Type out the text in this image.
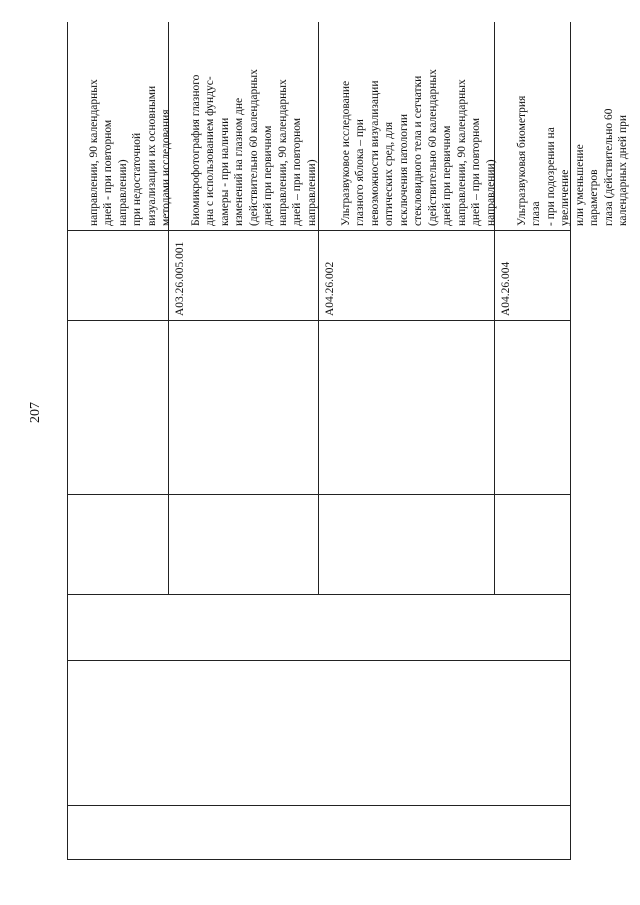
207

направлении, 90 календарных
дней - при повторном
направлении)
при недостаточной
визуализации их основными
методами исследования	Биомикрофотография глазного
дна с использованием фундус-
камеры - при наличии
изменений на глазном дне
(действительно 60 календарных
дней при первичном
направлении, 90 календарных
дней – при повторном
направлении)

A03.26.005.001

Ультразвуковое исследование
глазного яблока – при
невозможности визуализации
оптических сред, для
исключения патологии
стекловидного тела и сетчатки
(действительно 60 календарных
дней при первичном
направлении, 90 календарных
дней – при повторном
направлении)

A04.26.002

Ультразвуковая биометрия глаза
- при подозрении на увеличение
или уменьшение параметров
глаза (действительно 60
календарных дней при

A04.26.004
